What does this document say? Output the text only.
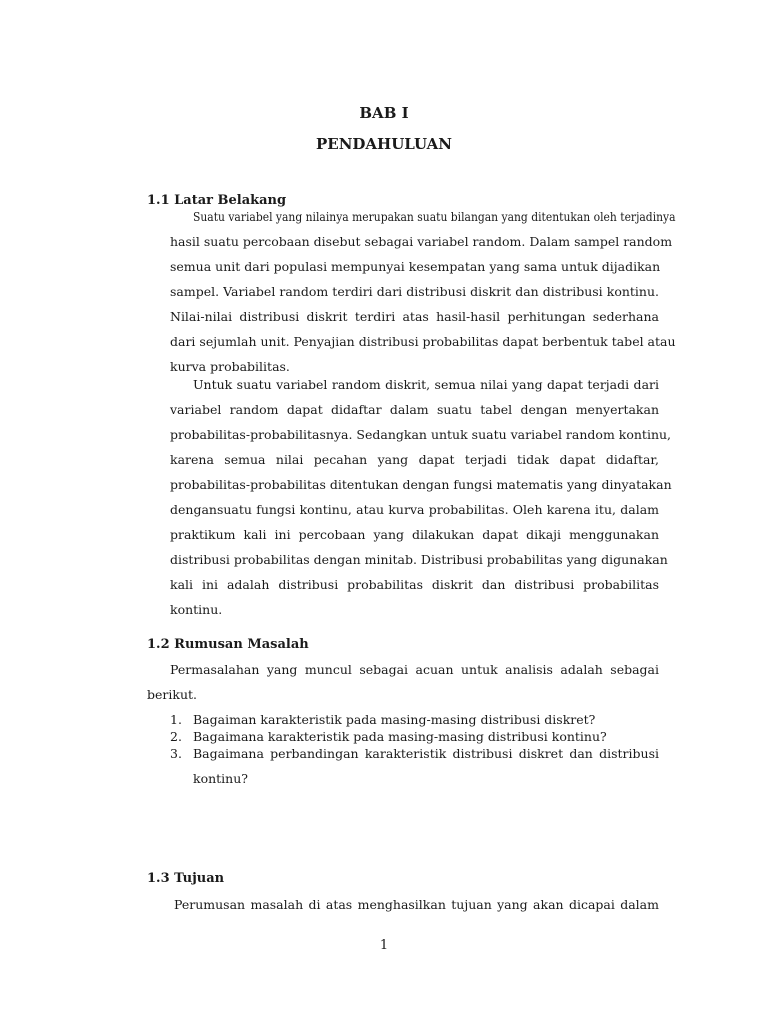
BAB I
PENDAHULUAN
1.1 Latar Belakang
Suatu variabel yang nilainya merupakan suatu bilangan yang ditentukan oleh terjadinya
hasil suatu percobaan disebut sebagai variabel random. Dalam sampel random
semua unit dari populasi mempunyai kesempatan yang sama untuk dijadikan
sampel. Variabel random terdiri dari distribusi diskrit dan distribusi kontinu.
Nilai-nilai distribusi diskrit terdiri atas hasil-hasil perhitungan sederhana
dari sejumlah unit. Penyajian distribusi probabilitas dapat berbentuk tabel atau
kurva probabilitas.
Untuk suatu variabel random diskrit, semua nilai yang dapat terjadi dari
variabel random dapat didaftar dalam suatu tabel dengan menyertakan
probabilitas-probabilitasnya. Sedangkan untuk suatu variabel random kontinu,
karena semua nilai pecahan yang dapat terjadi tidak dapat didaftar,
probabilitas-probabilitas ditentukan dengan fungsi matematis yang dinyatakan
dengansuatu fungsi kontinu, atau kurva probabilitas. Oleh karena itu, dalam
praktikum kali ini percobaan yang dilakukan dapat dikaji menggunakan
distribusi probabilitas dengan minitab. Distribusi probabilitas yang digunakan
kali ini adalah distribusi probabilitas diskrit dan distribusi probabilitas
kontinu.
1.2 Rumusan Masalah
Permasalahan yang muncul sebagai acuan untuk analisis adalah sebagai
berikut.
1. Bagaiman karakteristik pada masing-masing distribusi diskret?
2. Bagaimana karakteristik pada masing-masing distribusi kontinu?
3. Bagaimana perbandingan karakteristik distribusi diskret dan distribusi
kontinu?
1.3 Tujuan
Perumusan masalah di atas menghasilkan tujuan yang akan dicapai dalam
1
